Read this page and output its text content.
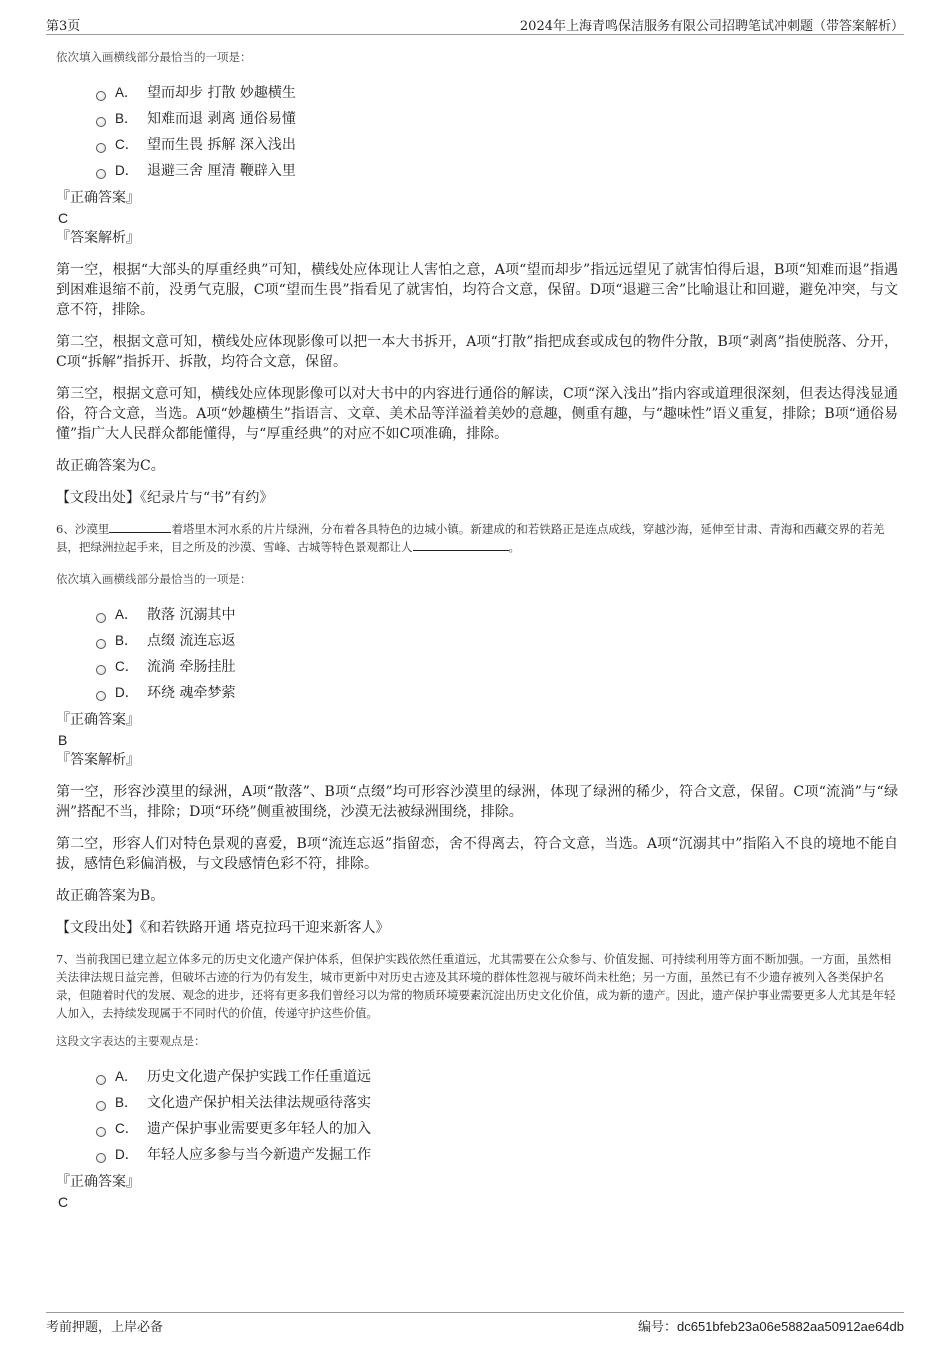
第3页	2024年上海青鸣保洁服务有限公司招聘笔试冲刺题（带答案解析）
依次填入画横线部分最恰当的一项是：
A． 望而却步 打散 妙趣横生
B． 知难而退 剥离 通俗易懂
C． 望而生畏 拆解 深入浅出
D． 退避三舍 厘清 鞭辟入里

『正确答案』

C

『答案解析』

第一空，根据“大部头的厚重经典”可知，横线处应体现让人害怕之意，A项“望而却步”指远远望见了就害怕得后退，B项“知难而退”指遇到困难退缩不前，没勇气克服，C项“望而生畏”指看见了就害怕，均符合文意，保留。D项“退避三舍”比喻退让和回避，避免冲突，与文意不符，排除。

第二空，根据文意可知，横线处应体现影像可以把一本大书拆开，A项“打散”指把成套或成包的物件分散，B项“剥离”指使脱落、分开，C项“拆解”指拆开、拆散，均符合文意，保留。

第三空，根据文意可知，横线处应体现影像可以对大书中的内容进行通俗的解读，C项“深入浅出”指内容或道理很深刻，但表达得浅显通俗，符合文意，当选。A项“妙趣横生”指语言、文章、美术品等洋溢着美妙的意趣，侧重有趣，与“趣味性”语义重复，排除；B项“通俗易懂”指广大人民群众都能懂得，与“厚重经典”的对应不如C项准确，排除。

故正确答案为C。

【文段出处】《纪录片与“书”有约》

6、沙漠里	着塔里木河水系的片片绿洲，分布着各具特色的边城小镇。新建成的和若铁路正是连点成线，穿越沙海，延伸至甘肃、青海和西藏交界的若羌县，把绿洲拉起手来，目之所及的沙漠、雪峰、古城等特色景观都让人	。

依次填入画横线部分最恰当的一项是：
A． 散落 沉溺其中
B． 点缀 流连忘返
C． 流淌 牵肠挂肚
D． 环绕 魂牵梦萦

『正确答案』

B

『答案解析』

第一空，形容沙漠里的绿洲，A项“散落”、B项“点缀”均可形容沙漠里的绿洲，体现了绿洲的稀少，符合文意，保留。C项“流淌”与“绿洲”搭配不当，排除；D项“环绕”侧重被围绕，沙漠无法被绿洲围绕，排除。

第二空，形容人们对特色景观的喜爱，B项“流连忘返”指留恋，舍不得离去，符合文意，当选。A项“沉溺其中”指陷入不良的境地不能自拔，感情色彩偏消极，与文段感情色彩不符，排除。

故正确答案为B。

【文段出处】《和若铁路开通 塔克拉玛干迎来新客人》

7、当前我国已建立起立体多元的历史文化遗产保护体系，但保护实践依然任重道远，尤其需要在公众参与、价值发掘、可持续利用等方面不断加强。一方面，虽然相关法律法规日益完善，但破坏古迹的行为仍有发生，城市更新中对历史古迹及其环境的群体性忽视与破坏尚未杜绝；另一方面，虽然已有不少遗存被列入各类保护名录，但随着时代的发展、观念的进步，还将有更多我们曾经习以为常的物质环境要素沉淀出历史文化价值，成为新的遗产。因此，遗产保护事业需要更多人尤其是年轻人加入，去持续发现属于不同时代的价值，传递守护这些价值。

这段文字表达的主要观点是：
A． 历史文化遗产保护实践工作任重道远
B． 文化遗产保护相关法律法规亟待落实
C． 遗产保护事业需要更多年轻人的加入
D． 年轻人应多参与当今新遗产发掘工作

『正确答案』

C

考前押题，上岸必备	编号：dc651bfeb23a06e5882aa50912ae64db
